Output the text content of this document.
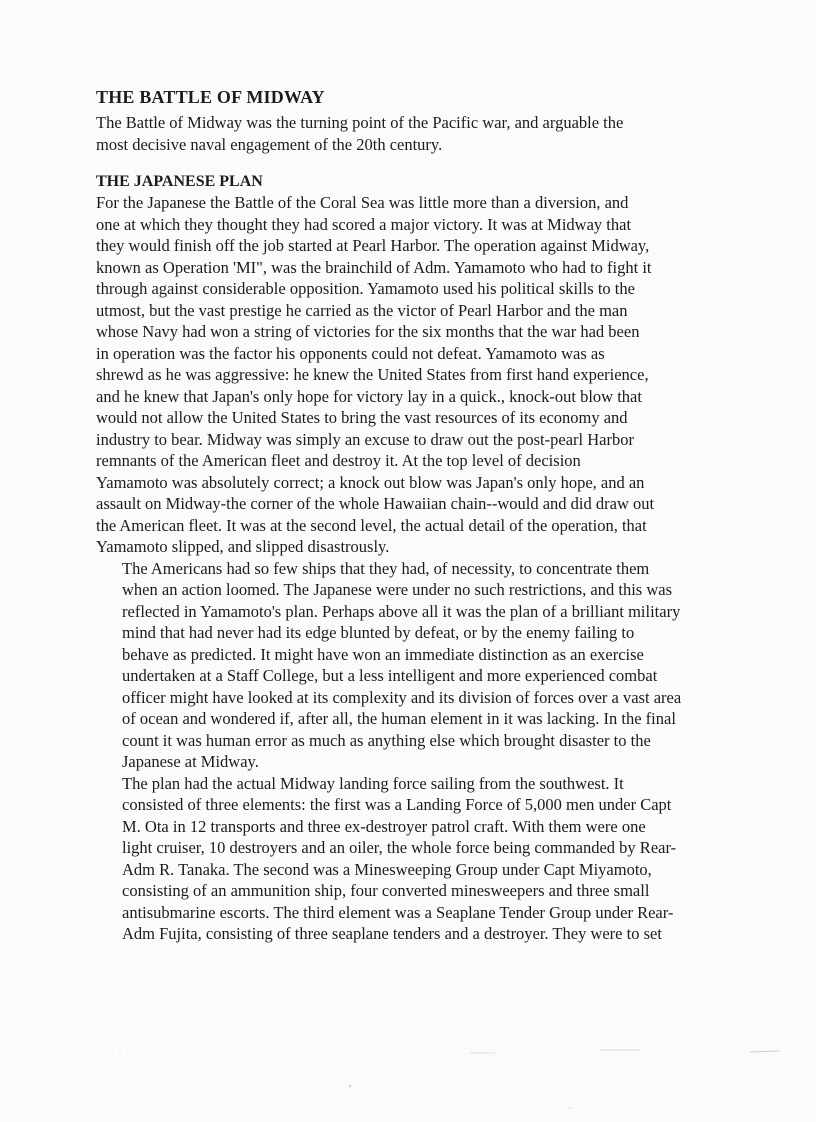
THE BATTLE OF MIDWAY

The Battle of Midway was the turning point of the Pacific war, and arguable the
most decisive naval engagement of the 20th century.

THE JAPANESE PLAN

For the Japanese the Battle of the Coral Sea was little more than a diversion, and
one at which they thought they had scored a major victory. It was at Midway that
they would finish off the job started at Pearl Harbor. The operation against Midway,
known as Operation 'MI", was the brainchild of Adm. Yamamoto who had to fight it
through against considerable opposition. Yamamoto used his political skills to the
utmost, but the vast prestige he carried as the victor of Pearl Harbor and the man
whose Navy had won a string of victories for the six months that the war had been
in operation was the factor his opponents could not defeat. Yamamoto was as
shrewd as he was aggressive: he knew the United States from first hand experience,
and he knew that Japan's only hope for victory lay in a quick., knock-out blow that
would not allow the United States to bring the vast resources of its economy and
industry to bear. Midway was simply an excuse to draw out the post-pearl Harbor
remnants of the American fleet and destroy it. At the top level of decision
Yamamoto was absolutely correct; a knock out blow was Japan's only hope, and an
assault on Midway-the corner of the whole Hawaiian chain--would and did draw out
the American fleet. It was at the second level, the actual detail of the operation, that
Yamamoto slipped, and slipped disastrously.

The Americans had so few ships that they had, of necessity, to concentrate them
when an action loomed. The Japanese were under no such restrictions, and this was
reflected in Yamamoto's plan. Perhaps above all it was the plan of a brilliant military
mind that had never had its edge blunted by defeat, or by the enemy failing to
behave as predicted. It might have won an immediate distinction as an exercise
undertaken at a Staff College, but a less intelligent and more experienced combat
officer might have looked at its complexity and its division of forces over a vast area
of ocean and wondered if, after all, the human element in it was lacking. In the final
count it was human error as much as anything else which brought disaster to the
Japanese at Midway.

The plan had the actual Midway landing force sailing from the southwest. It
consisted of three elements: the first was a Landing Force of 5,000 men under Capt
M. Ota in 12 transports and three ex-destroyer patrol craft. With them were one
light cruiser, 10 destroyers and an oiler, the whole force being commanded by Rear-
Adm R. Tanaka. The second was a Minesweeping Group under Capt Miyamoto,
consisting of an ammunition ship, four converted minesweepers and three small
antisubmarine escorts. The third element was a Seaplane Tender Group under Rear-
Adm Fujita, consisting of three seaplane tenders and a destroyer. They were to set
